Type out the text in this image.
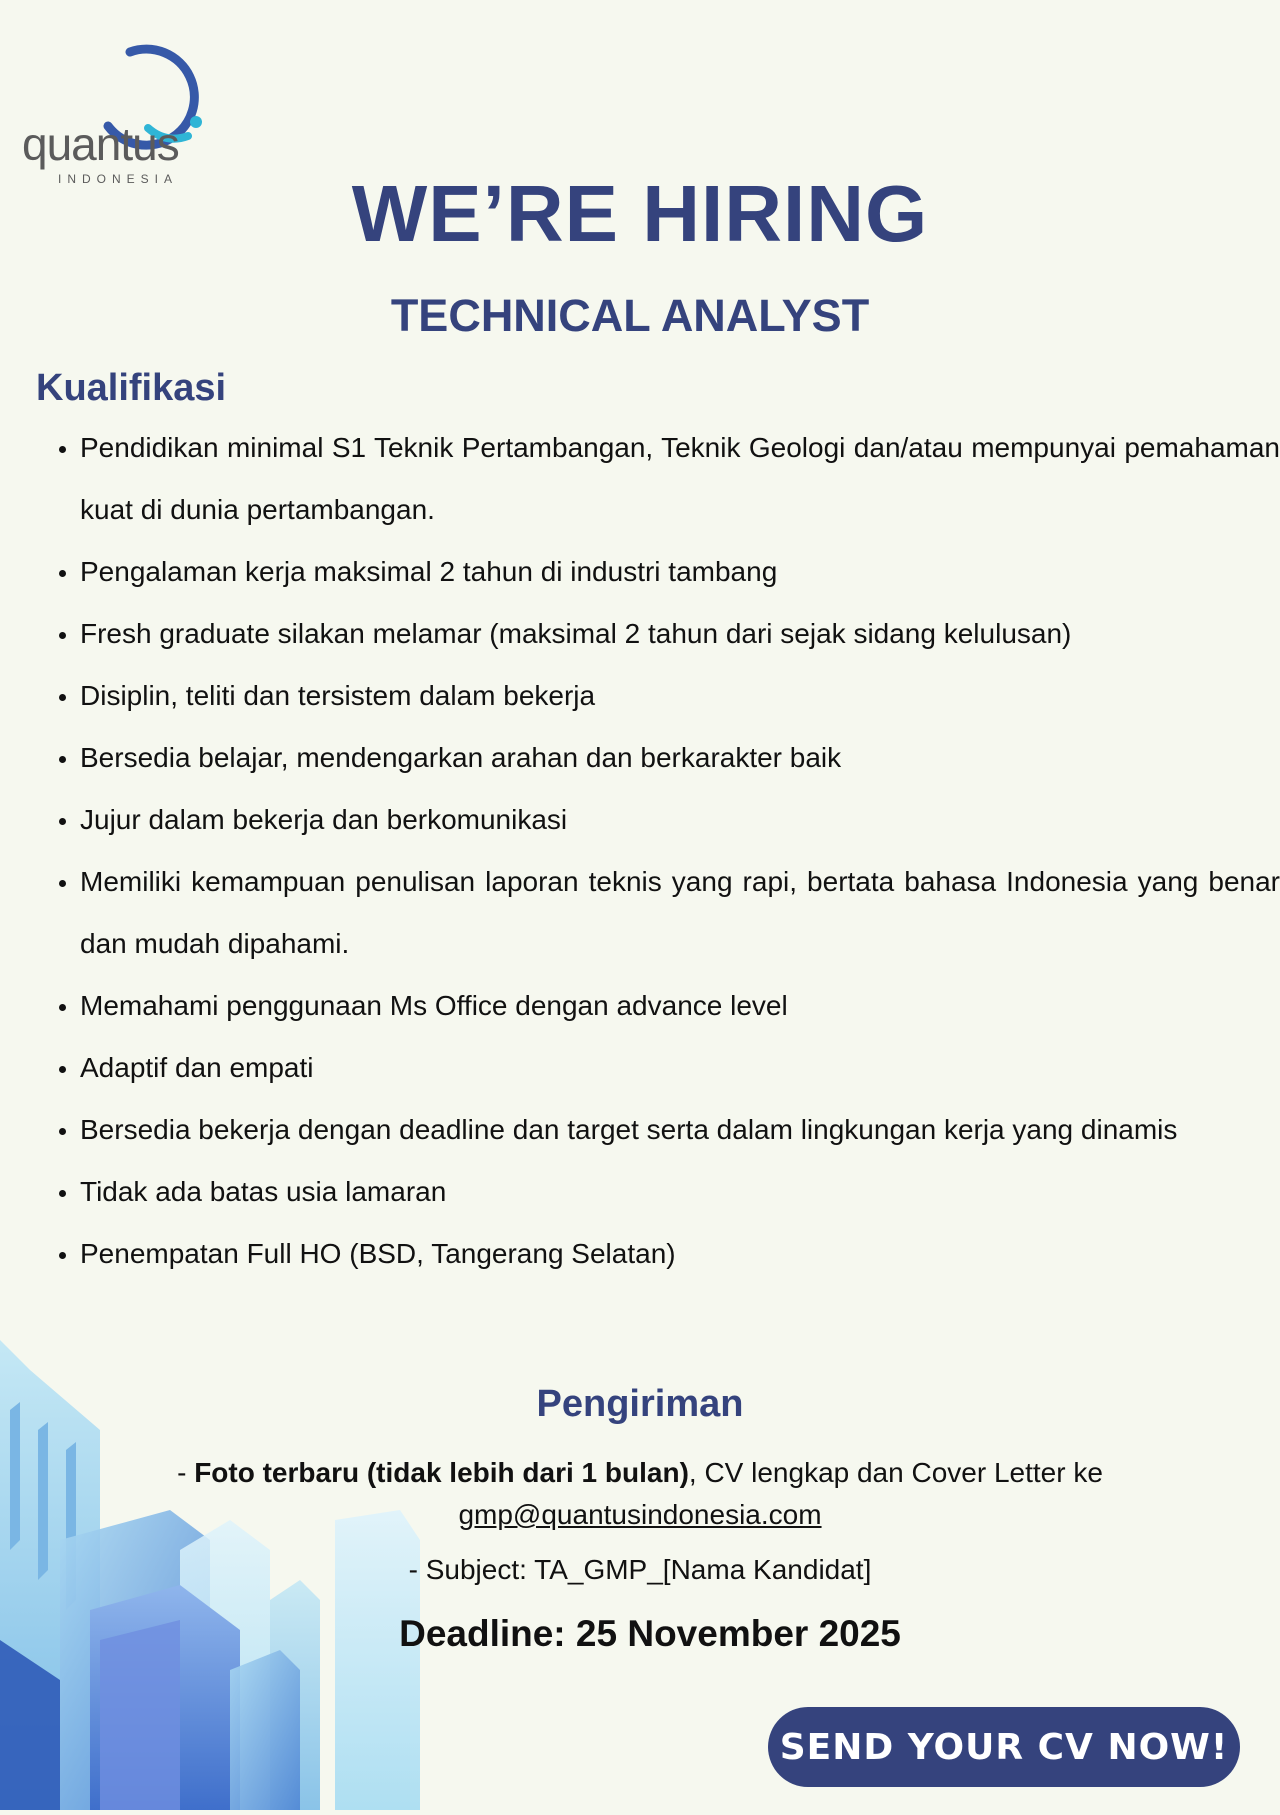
quantus
INDONESIA	WE’RE HIRING
TECHNICAL ANALYST
Kualifikasi
• Pendidikan minimal S1 Teknik Pertambangan, Teknik Geologi dan/atau mempunyai pemahaman kuat di dunia pertambangan.
• Pengalaman kerja maksimal 2 tahun di industri tambang
• Fresh graduate silakan melamar (maksimal 2 tahun dari sejak sidang kelulusan)
• Disiplin, teliti dan tersistem dalam bekerja
• Bersedia belajar, mendengarkan arahan dan berkarakter baik
• Jujur dalam bekerja dan berkomunikasi
• Memiliki kemampuan penulisan laporan teknis yang rapi, bertata bahasa Indonesia yang benar dan mudah dipahami.
• Memahami penggunaan Ms Office dengan advance level
• Adaptif dan empati
• Bersedia bekerja dengan deadline dan target serta dalam lingkungan kerja yang dinamis
• Tidak ada batas usia lamaran
• Penempatan Full HO (BSD, Tangerang Selatan)
Pengiriman
- Foto terbaru (tidak lebih dari 1 bulan), CV lengkap dan Cover Letter ke
gmp@quantusindonesia.com
- Subject: TA_GMP_[Nama Kandidat]
Deadline: 25 November 2025
SEND YOUR CV NOW!
